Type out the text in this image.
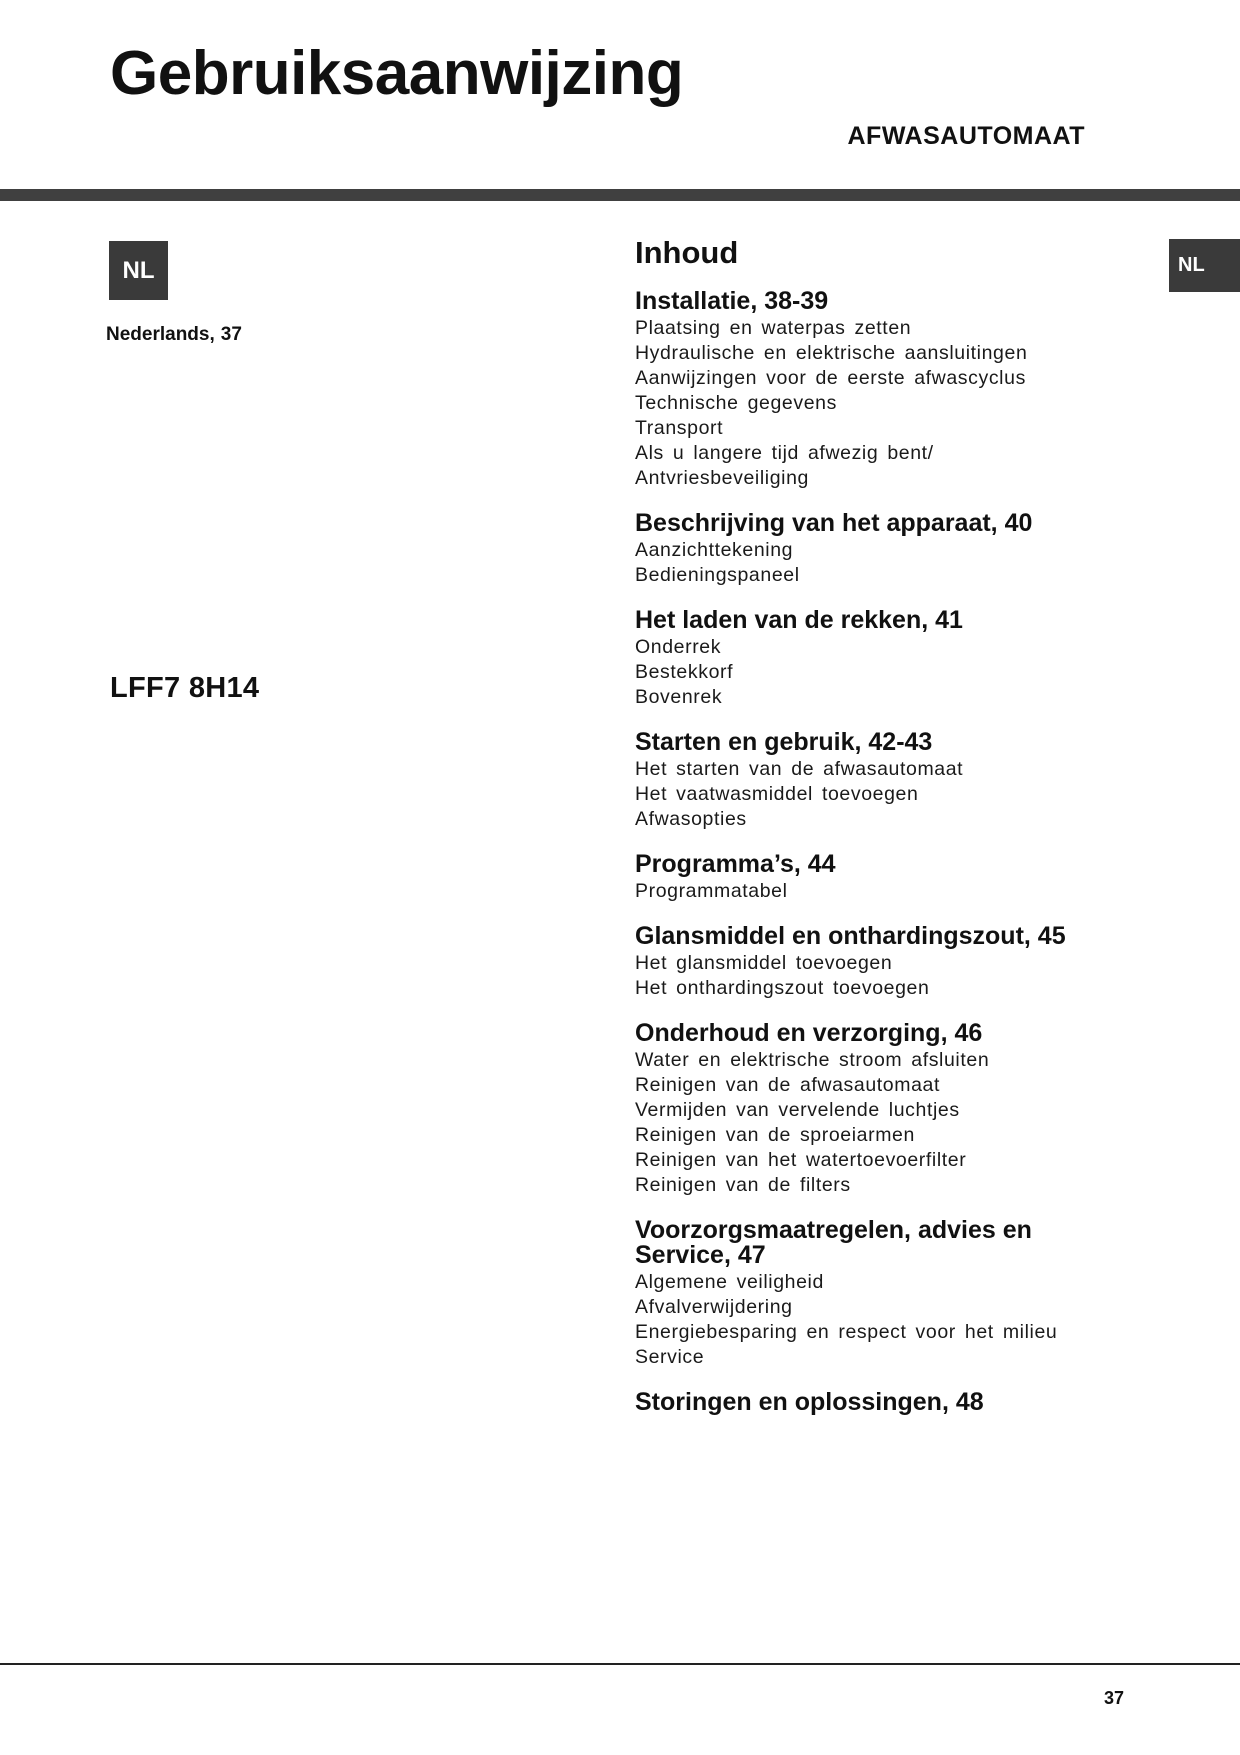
Gebruiksaanwijzing
AFWASAUTOMAAT
NL
Nederlands, 37
LFF7 8H14
NL
Inhoud
Installatie, 38-39
Plaatsing en waterpas zetten
Hydraulische en elektrische aansluitingen
Aanwijzingen voor de eerste afwascyclus
Technische gegevens
Transport
Als u langere tijd afwezig bent/
Antvriesbeveiliging
Beschrijving van het apparaat, 40
Aanzichttekening
Bedieningspaneel
Het laden van de rekken, 41
Onderrek
Bestekkorf
Bovenrek
Starten en gebruik, 42-43
Het starten van de afwasautomaat
Het vaatwasmiddel toevoegen
Afwasopties
Programma’s, 44
Programmatabel
Glansmiddel en onthardingszout, 45
Het glansmiddel toevoegen
Het onthardingszout toevoegen
Onderhoud en verzorging, 46
Water en elektrische stroom afsluiten
Reinigen van de afwasautomaat
Vermijden van vervelende luchtjes
Reinigen van de sproeiarmen
Reinigen van het watertoevoerfilter
Reinigen van de filters
Voorzorgsmaatregelen, advies en Service, 47
Algemene veiligheid
Afvalverwijdering
Energiebesparing en respect voor het milieu
Service
Storingen en oplossingen, 48
37
